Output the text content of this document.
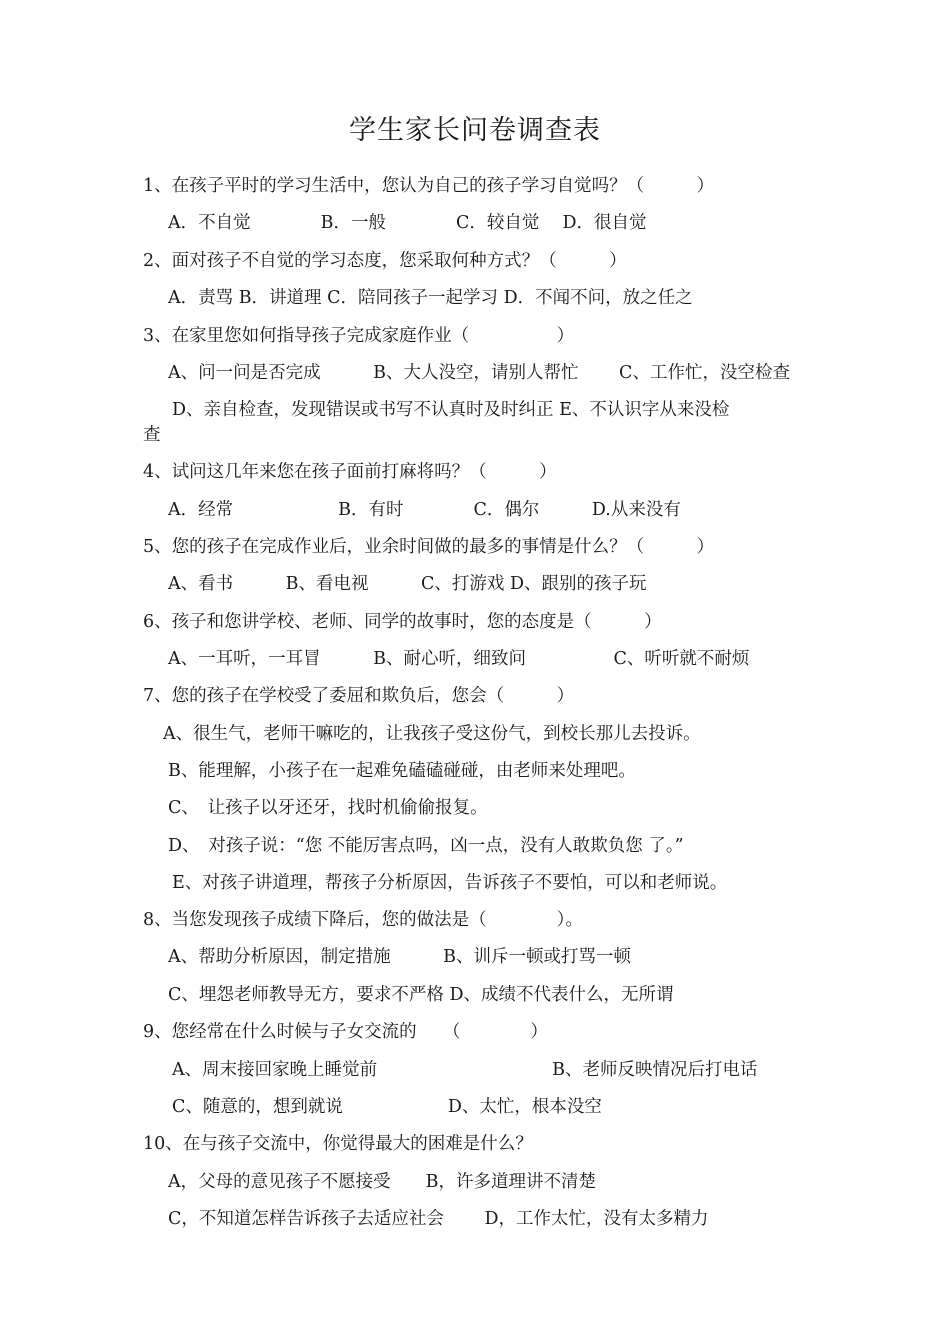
学生家长问卷调查表
1、在孩子平时的学习生活中，您认为自己的孩子学习自觉吗？（　　　）
A．不自觉　　　　B．一般　　　　C．较自觉　 D．很自觉
2、面对孩子不自觉的学习态度，您采取何种方式？（　　　）
A．责骂 B．讲道理 C．陪同孩子一起学习 D．不闻不问，放之任之
3、在家里您如何指导孩子完成家庭作业（　　　　　）
A、问一问是否完成　　　B、大人没空，请别人帮忙　　 C、工作忙，没空检查
D、亲自检查，发现错误或书写不认真时及时纠正 E、不认识字从来没检
查
4、试问这几年来您在孩子面前打麻将吗？（　　　）
A．经常　　　　　　B．有时　　　　C．偶尔　　　D.从来没有
5、您的孩子在完成作业后，业余时间做的最多的事情是什么？（　　　）
A、看书　　　B、看电视　　　C、打游戏 D、跟别的孩子玩
6、孩子和您讲学校、老师、同学的故事时，您的态度是（　　　）
A、一耳听，一耳冒　　　B、耐心听，细致问　　　　　C、听听就不耐烦
7、您的孩子在学校受了委屈和欺负后，您会（　　　）
A、很生气，老师干嘛吃的，让我孩子受这份气，到校长那儿去投诉。
B、能理解，小孩子在一起难免磕磕碰碰，由老师来处理吧。
C、　让孩子以牙还牙，找时机偷偷报复。
D、　对孩子说：“您 不能厉害点吗，凶一点，没有人敢欺负您 了。”
E、对孩子讲道理，帮孩子分析原因，告诉孩子不要怕，可以和老师说。
8、当您发现孩子成绩下降后，您的做法是（　　　　）。
A、帮助分析原因，制定措施　　　B、训斥一顿或打骂一顿
C、埋怨老师教导无方，要求不严格 D、成绩不代表什么，无所谓
9、您经常在什么时候与子女交流的　　（　　　　）
A、周末接回家晚上睡觉前　　　　　　　　　　B、老师反映情况后打电话
C、随意的，想到就说　　　　　　D、太忙，根本没空
10、在与孩子交流中，你觉得最大的困难是什么？
A，父母的意见孩子不愿接受　　B，许多道理讲不清楚
C，不知道怎样告诉孩子去适应社会　　 D，工作太忙，没有太多精力
